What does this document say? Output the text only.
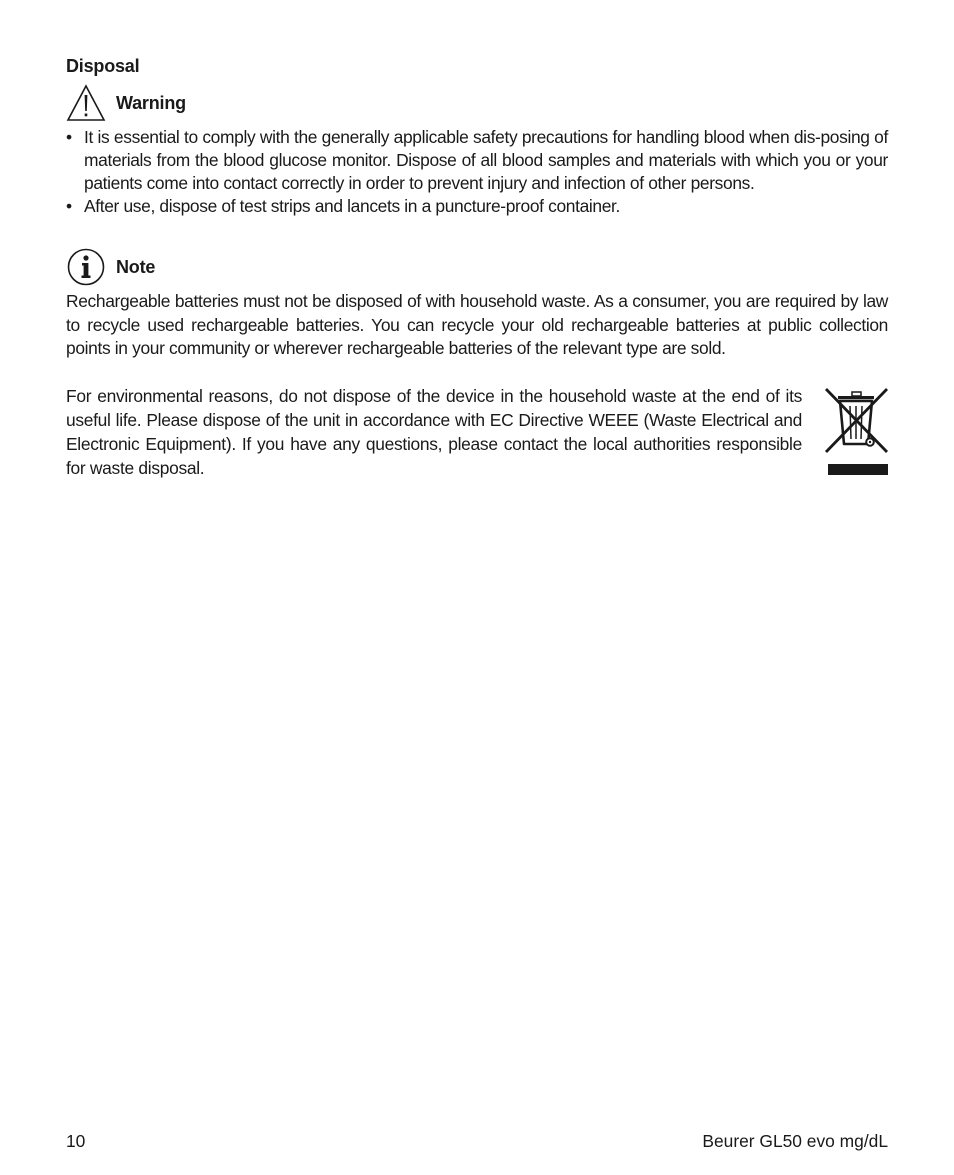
Disposal
Warning
• It is essential to comply with the generally applicable safety precautions for handling blood when dis-posing of materials from the blood glucose monitor. Dispose of all blood samples and materials with which you or your patients come into contact correctly in order to prevent injury and infection of other persons.
• After use, dispose of test strips and lancets in a puncture-proof container.
Note

Rechargeable batteries must not be disposed of with household waste. As a consumer, you are required by law to recycle used rechargeable batteries. You can recycle your old rechargeable batteries at public collection points in your community or wherever rechargeable batteries of the relevant type are sold.

For environmental reasons, do not dispose of the device in the household waste at the end of its useful life. Please dispose of the unit in accordance with EC Directive WEEE (Waste Electrical and Electronic Equipment). If you have any questions, please contact the local authorities responsible for waste disposal.

10	Beurer GL50 evo mg/dL
